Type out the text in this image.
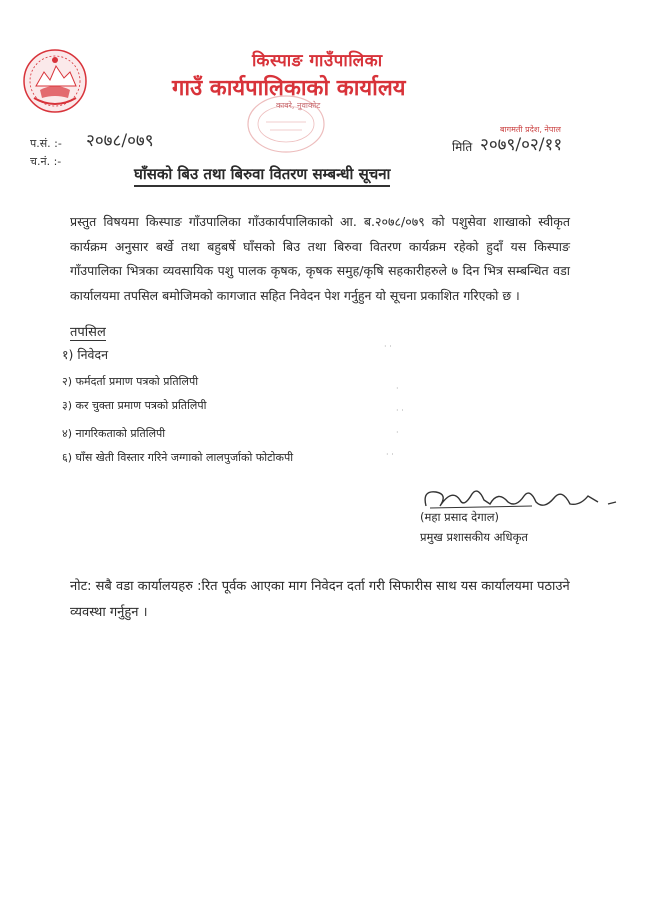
किस्पाङ गाउँपालिका
गाउँ कार्यपालिकाको कार्यालय
कावरे, नुवाकोट
बागमती प्रदेश, नेपाल
प.सं. :- २०७८/०७९
च.नं. :-
मिति २०७९/०२/११
घाँसको बिउ तथा बिरुवा वितरण सम्बन्धी सूचना
प्रस्तुत विषयमा किस्पाङ गाँउपालिका गाँउकार्यपालिकाको आ. ब.२०७८/०७९ को पशुसेवा शाखाको स्वीकृत कार्यक्रम अनुसार बर्खे तथा बहुबर्षे घाँसको बिउ तथा बिरुवा वितरण कार्यक्रम रहेको हुदाँ यस किस्पाङ गाँउपालिका भित्रका व्यवसायिक पशु पालक कृषक, कृषक समुह/कृषि सहकारीहरुले ७ दिन भित्र सम्बन्धित वडा कार्यालयमा तपसिल बमोजिमको कागजात सहित निवेदन पेश गर्नुहुन यो सूचना प्रकाशित गरिएको छ ।
तपसिल
१) निवेदन
२) फर्मदर्ता प्रमाण पत्रको प्रतिलिपी
३) कर चुक्ता प्रमाण पत्रको प्रतिलिपी
४) नागरिकताको प्रतिलिपी
६) घाँस खेती विस्तार गरिने जग्गाको लालपुर्जाको फोटोकपी
· ·
·
· ·
·
· ·
(महा प्रसाद देगाल)
प्रमुख प्रशासकीय अधिकृत
नोट: सबै वडा कार्यालयहरु :रित पूर्वक आएका माग निवेदन दर्ता गरी सिफारीस साथ यस कार्यालयमा पठाउने व्यवस्था गर्नुहुन ।
